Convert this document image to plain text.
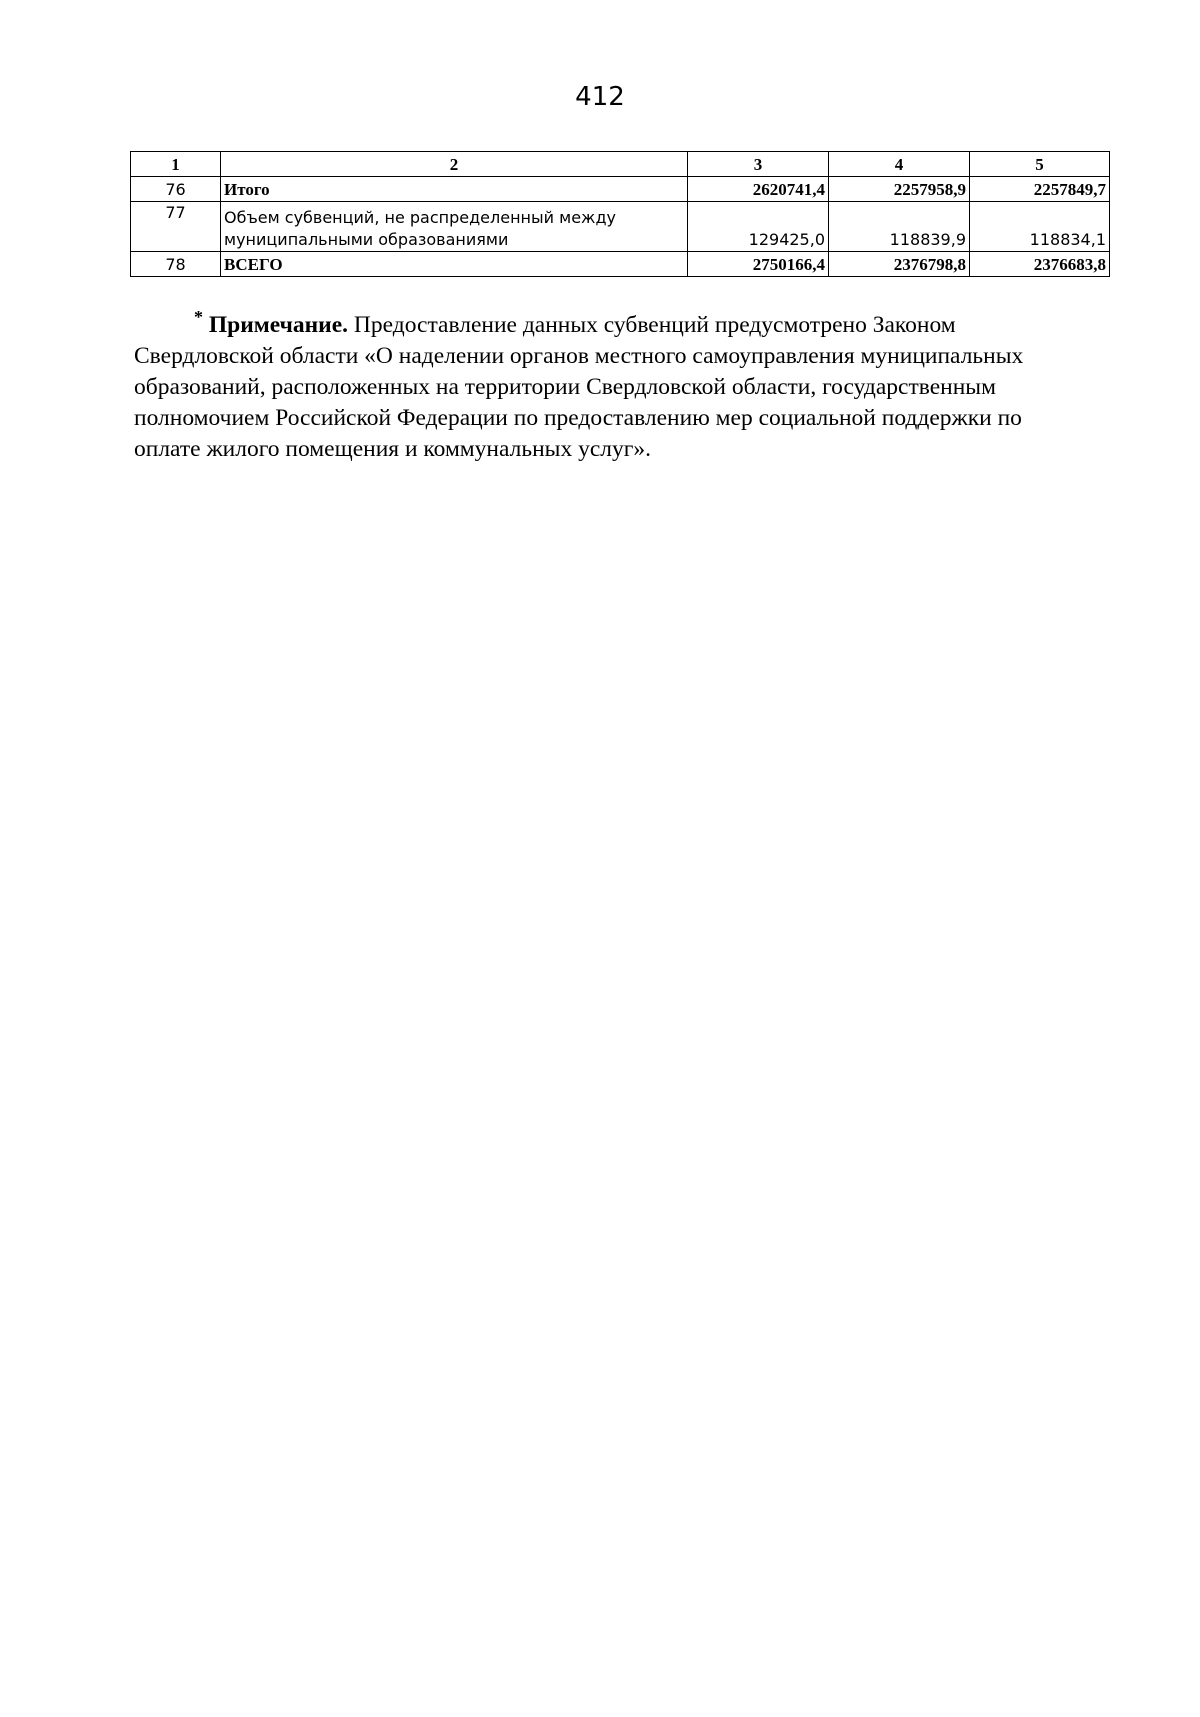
412
1	2	3	4	5
76	Итого	2620741,4	2257958,9	2257849,7
77	Объем субвенций, не распределенный между
муниципальными образованиями	129425,0	118839,9	118834,1
78	ВСЕГО	2750166,4	2376798,8	2376683,8
* Примечание. Предоставление данных субвенций предусмотрено Законом
Свердловской области «О наделении органов местного самоуправления муниципальных
образований, расположенных на территории Свердловской области, государственным
полномочием Российской Федерации по предоставлению мер социальной поддержки по
оплате жилого помещения и коммунальных услуг».
